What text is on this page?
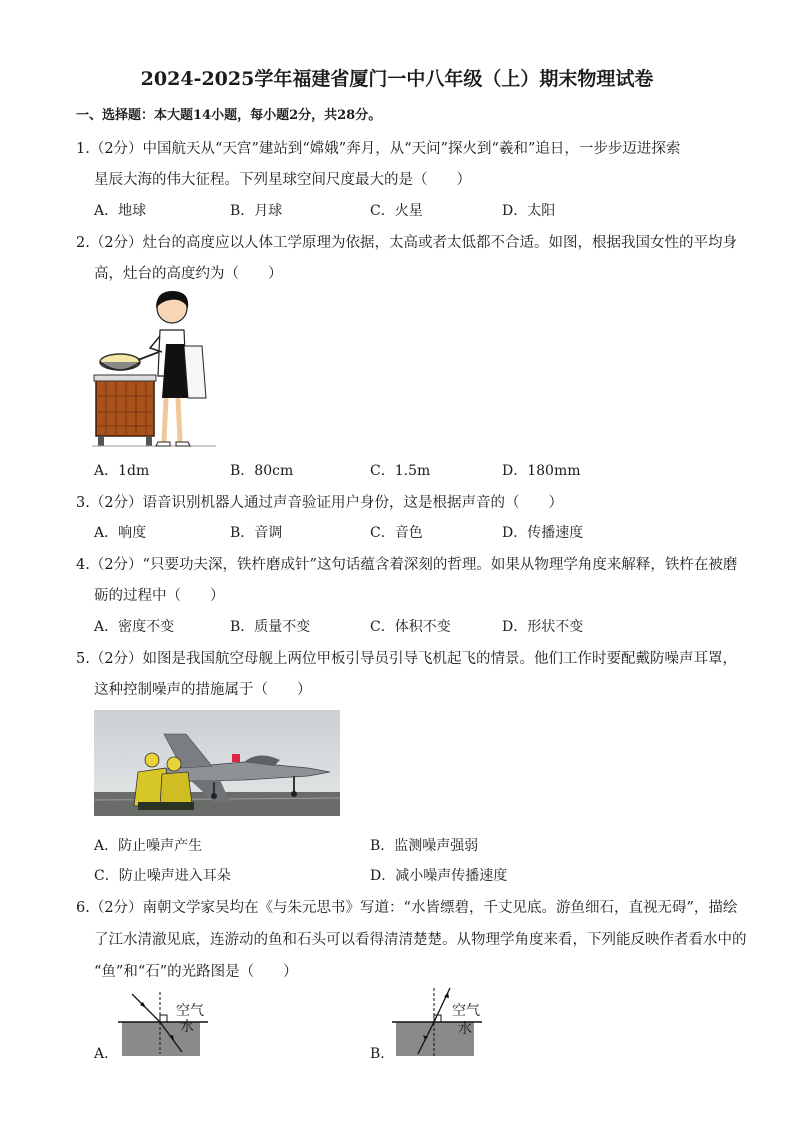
2024-2025学年福建省厦门一中八年级（上）期末物理试卷
一、选择题：本大题14小题，每小题2分，共28分。
1.（2分）中国航天从“天宫”建站到“嫦娥”奔月，从“天问”探火到“羲和”追日，一步步迈进探索
星辰大海的伟大征程。下列星球空间尺度最大的是（　　）
A．地球	B．月球	C．火星	D．太阳
2.（2分）灶台的高度应以人体工学原理为依据，太高或者太低都不合适。如图，根据我国女性的平均身
高，灶台的高度约为（　　）
A．1dm	B．80cm	C．1.5m	D．180mm
3.（2分）语音识别机器人通过声音验证用户身份，这是根据声音的（　　）
A．响度	B．音调	C．音色	D．传播速度
4.（2分）“只要功夫深，铁杵磨成针”这句话蕴含着深刻的哲理。如果从物理学角度来解释，铁杵在被磨
砺的过程中（　　）
A．密度不变	B．质量不变	C．体积不变	D．形状不变
5.（2分）如图是我国航空母舰上两位甲板引导员引导飞机起飞的情景。他们工作时要配戴防噪声耳罩，
这种控制噪声的措施属于（　　）
A．防止噪声产生	B．监测噪声强弱
C．防止噪声进入耳朵	D．减小噪声传播速度
6.（2分）南朝文学家吴均在《与朱元思书》写道：“水皆缥碧，千丈见底。游鱼细石，直视无碍”，描绘
了江水清澈见底，连游动的鱼和石头可以看得清清楚楚。从物理学角度来看，下列能反映作者看水中的
“鱼”和“石”的光路图是（　　）
空气
水
空气
水
A．	B．
